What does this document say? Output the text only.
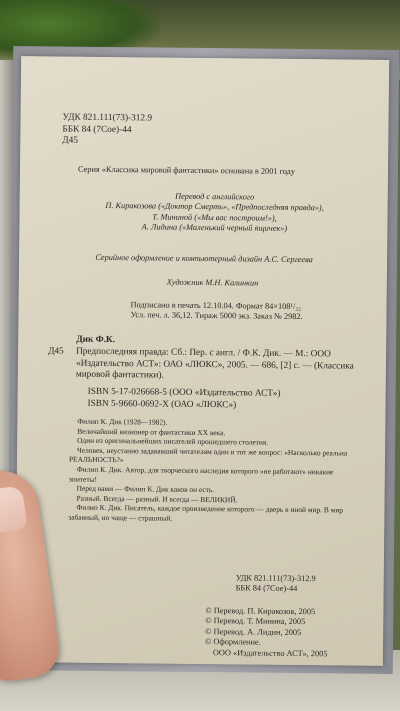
УДК 821.111(73)-312.9
ББК 84 (7Сое)-44
Д45
Серия «Классика мировой фантастики» основана в 2001 году
Перевод с английского
П. Киракозова («Доктор Смерть», «Предпоследняя правда»),
Т. Мининой («Мы вас построим!»),
А. Лидина («Маленький черный ящичек»)
Серийное оформление и компьютерный дизайн А.С. Сергеева
Художник М.Н. Калинкин
Подписано в печать 12.10.04. Формат 84×108¹/₃₂
Усл. печ. л. 36,12. Тираж 5000 экз. Заказ № 2982.
Дик Ф.К.
Д45	Предпоследняя правда: Сб.: Пер. с англ. / Ф.К. Дик. — М.: ООО «Издательство АСТ»: ОАО «ЛЮКС», 2005. — 686, [2] с. — (Классика мировой фантастики).
ISBN 5-17-026668-5 (ООО «Издательство АСТ»)
ISBN 5-9660-0692-X (ОАО «ЛЮКС»)
Филип К. Дик (1928—1982).
Величайший визионер от фантастики XX века.
Один из оригинальнейших писателей прошедшего столетия.
Человек, неустанно задававший читателям один и тот же вопрос: «Насколько реальна РЕАЛЬНОСТЬ?»
Филип К. Дик. Автор, для творческого наследия которого «не работают» никакие эпитеты!
Перед вами — Филип К. Дик каков он есть.
Разный. Всегда — разный. И всегда — ВЕЛИКИЙ.
Филип К. Дик. Писатель, каждое произведение которого — дверь в иной мир. В мир забавный, но чаще — страшный.
УДК 821.111(73)-312.9
ББК 84 (7Сое)-44
© Перевод. П. Киракозов, 2005
© Перевод. Т. Минина, 2005
© Перевод. А. Лидин, 2005
© Оформление.
ООО «Издательство АСТ», 2005
